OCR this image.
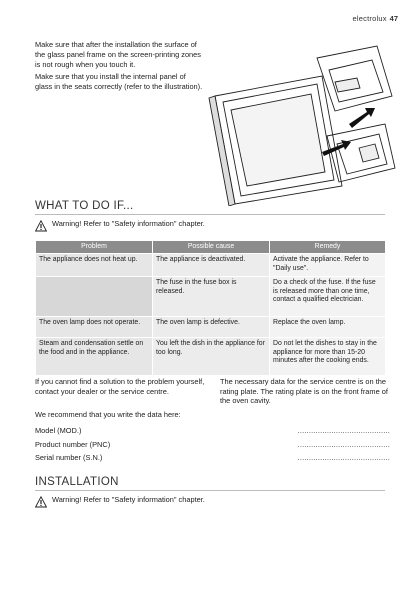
electrolux 47

Make sure that after the installation the surface of the glass panel frame on the screen-printing zones is not rough when you touch it.

Make sure that you install the internal panel of glass in the seats correctly (refer to the illustration).

WHAT TO DO IF...
Warning! Refer to "Safety information" chapter.
Problem	Possible cause	Remedy
The appliance does not heat up.	The appliance is deactivated.	Activate the appliance. Refer to "Daily use".
	The fuse in the fuse box is released.	Do a check of the fuse. If the fuse is released more than one time, contact a qualified electrician.
The oven lamp does not operate.	The oven lamp is defective.	Replace the oven lamp.
Steam and condensation settle on the food and in the appliance.	You left the dish in the appliance for too long.	Do not let the dishes to stay in the appliance for more than 15-20 minutes after the cooking ends.
If you cannot find a solution to the problem yourself, contact your dealer or the service centre.
The necessary data for the service centre is on the rating plate. The rating plate is on the front frame of the oven cavity.
We recommend that you write the data here:
Model (MOD.)	.........................................
Product number (PNC)	.........................................
Serial number (S.N.)	.........................................
INSTALLATION
Warning! Refer to "Safety information" chapter.
